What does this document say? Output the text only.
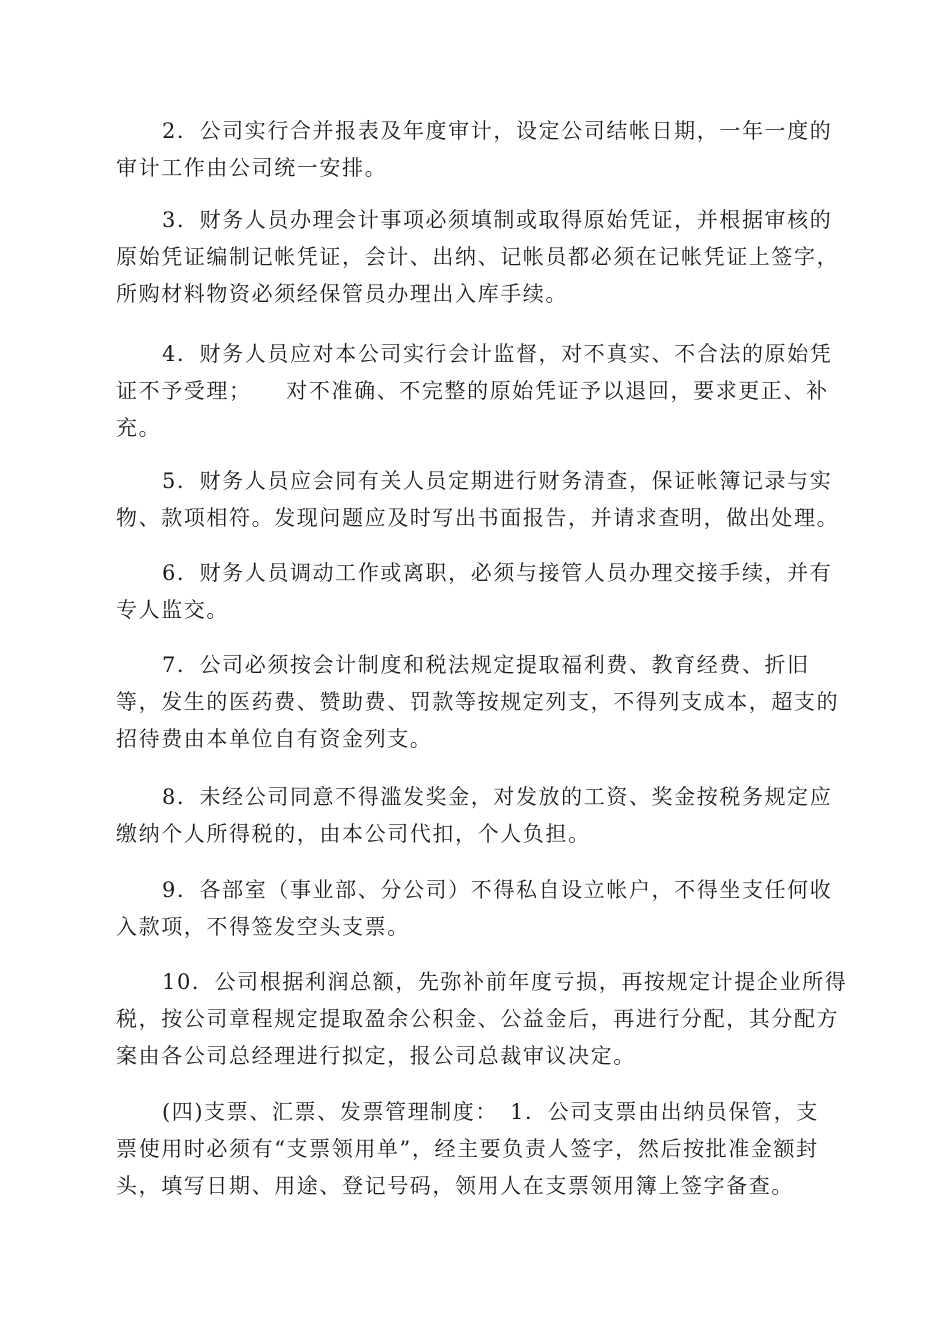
2．公司实行合并报表及年度审计，设定公司结帐日期，一年一度的
审计工作由公司统一安排。
3．财务人员办理会计事项必须填制或取得原始凭证，并根据审核的
原始凭证编制记帐凭证，会计、出纳、记帐员都必须在记帐凭证上签字，
所购材料物资必须经保管员办理出入库手续。
4．财务人员应对本公司实行会计监督，对不真实、不合法的原始凭
证不予受理；　　对不准确、不完整的原始凭证予以退回，要求更正、补
充。
5．财务人员应会同有关人员定期进行财务清查，保证帐簿记录与实
物、款项相符。发现问题应及时写出书面报告，并请求查明，做出处理。
6．财务人员调动工作或离职，必须与接管人员办理交接手续，并有
专人监交。
7．公司必须按会计制度和税法规定提取福利费、教育经费、折旧
等，发生的医药费、赞助费、罚款等按规定列支，不得列支成本，超支的
招待费由本单位自有资金列支。
8．未经公司同意不得滥发奖金，对发放的工资、奖金按税务规定应
缴纳个人所得税的，由本公司代扣，个人负担。
9．各部室（事业部、分公司）不得私自设立帐户，不得坐支任何收
入款项，不得签发空头支票。
10．公司根据利润总额，先弥补前年度亏损，再按规定计提企业所得
税，按公司章程规定提取盈余公积金、公益金后，再进行分配，其分配方
案由各公司总经理进行拟定，报公司总裁审议决定。
(四)支票、汇票、发票管理制度：　1．公司支票由出纳员保管，支
票使用时必须有“支票领用单”，经主要负责人签字，然后按批准金额封
头，填写日期、用途、登记号码，领用人在支票领用簿上签字备查。
